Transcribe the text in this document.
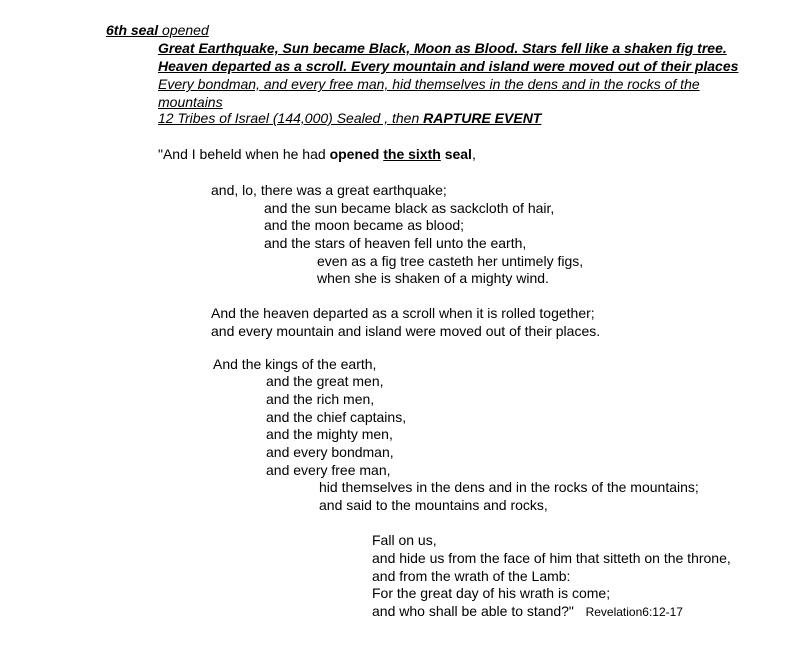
6th seal opened
Great Earthquake, Sun became Black, Moon as Blood. Stars fell like a shaken fig tree.
Heaven departed as a scroll. Every mountain and island were moved out of their places
Every bondman, and every free man, hid themselves in the dens and in the rocks of the
mountains
12 Tribes of Israel (144,000) Sealed , then RAPTURE EVENT
"And I beheld when he had opened the sixth seal,
and, lo, there was a great earthquake;
and the sun became black as sackcloth of hair,
and the moon became as blood;
and the stars of heaven fell unto the earth,
even as a fig tree casteth her untimely figs,
when she is shaken of a mighty wind.
And the heaven departed as a scroll when it is rolled together;
and every mountain and island were moved out of their places.
And the kings of the earth,
and the great men,
and the rich men,
and the chief captains,
and the mighty men,
and every bondman,
and every free man,
hid themselves in the dens and in the rocks of the mountains;
and said to the mountains and rocks,
Fall on us,
and hide us from the face of him that sitteth on the throne,
and from the wrath of the Lamb:
For the great day of his wrath is come;
and who shall be able to stand?" Revelation6:12-17
